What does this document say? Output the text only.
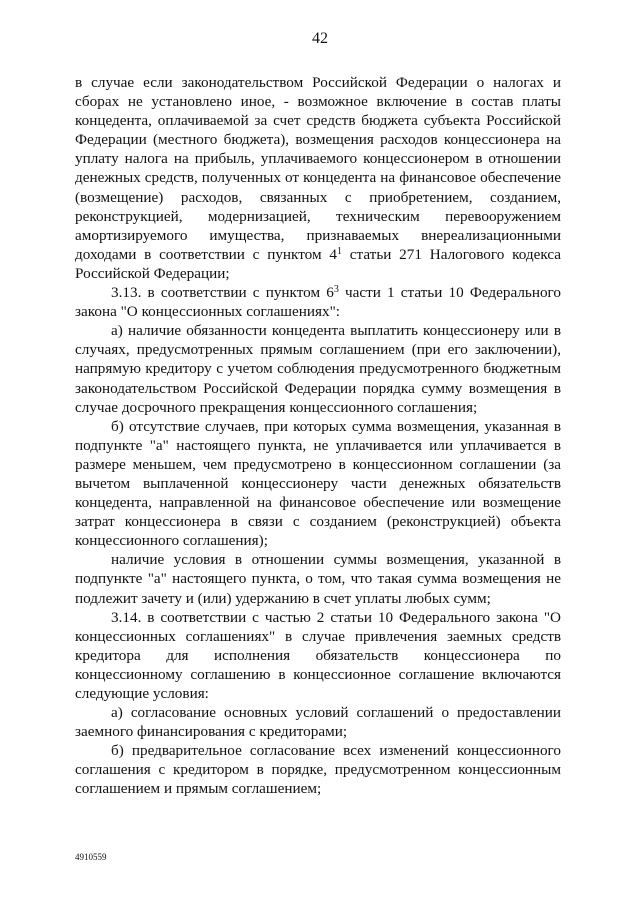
42

в случае если законодательством Российской Федерации о налогах и сборах не установлено иное, - возможное включение в состав платы концедента, оплачиваемой за счет средств бюджета субъекта Российской Федерации (местного бюджета), возмещения расходов концессионера на уплату налога на прибыль, уплачиваемого концессионером в отношении денежных средств, полученных от концедента на финансовое обеспечение (возмещение) расходов, связанных с приобретением, созданием, реконструкцией, модернизацией, техническим перевооружением амортизируемого имущества, признаваемых внереализационными доходами в соответствии с пунктом $4^1$ статьи 271 Налогового кодекса Российской Федерации;

3.13. в соответствии с пунктом $6^3$ части 1 статьи 10 Федерального закона "О концессионных соглашениях":

а) наличие обязанности концедента выплатить концессионеру или в случаях, предусмотренных прямым соглашением (при его заключении), напрямую кредитору с учетом соблюдения предусмотренного бюджетным законодательством Российской Федерации порядка сумму возмещения в случае досрочного прекращения концессионного соглашения;

б) отсутствие случаев, при которых сумма возмещения, указанная в подпункте "а" настоящего пункта, не уплачивается или уплачивается в размере меньшем, чем предусмотрено в концессионном соглашении (за вычетом выплаченной концессионеру части денежных обязательств концедента, направленной на финансовое обеспечение или возмещение затрат концессионера в связи с созданием (реконструкцией) объекта концессионного соглашения);

наличие условия в отношении суммы возмещения, указанной в подпункте "а" настоящего пункта, о том, что такая сумма возмещения не подлежит зачету и (или) удержанию в счет уплаты любых сумм;

3.14. в соответствии с частью 2 статьи 10 Федерального закона "О концессионных соглашениях" в случае привлечения заемных средств кредитора для исполнения обязательств концессионера по концессионному соглашению в концессионное соглашение включаются следующие условия:

а) согласование основных условий соглашений о предоставлении заемного финансирования с кредиторами;

б) предварительное согласование всех изменений концессионного соглашения с кредитором в порядке, предусмотренном концессионным соглашением и прямым соглашением;

4910559
